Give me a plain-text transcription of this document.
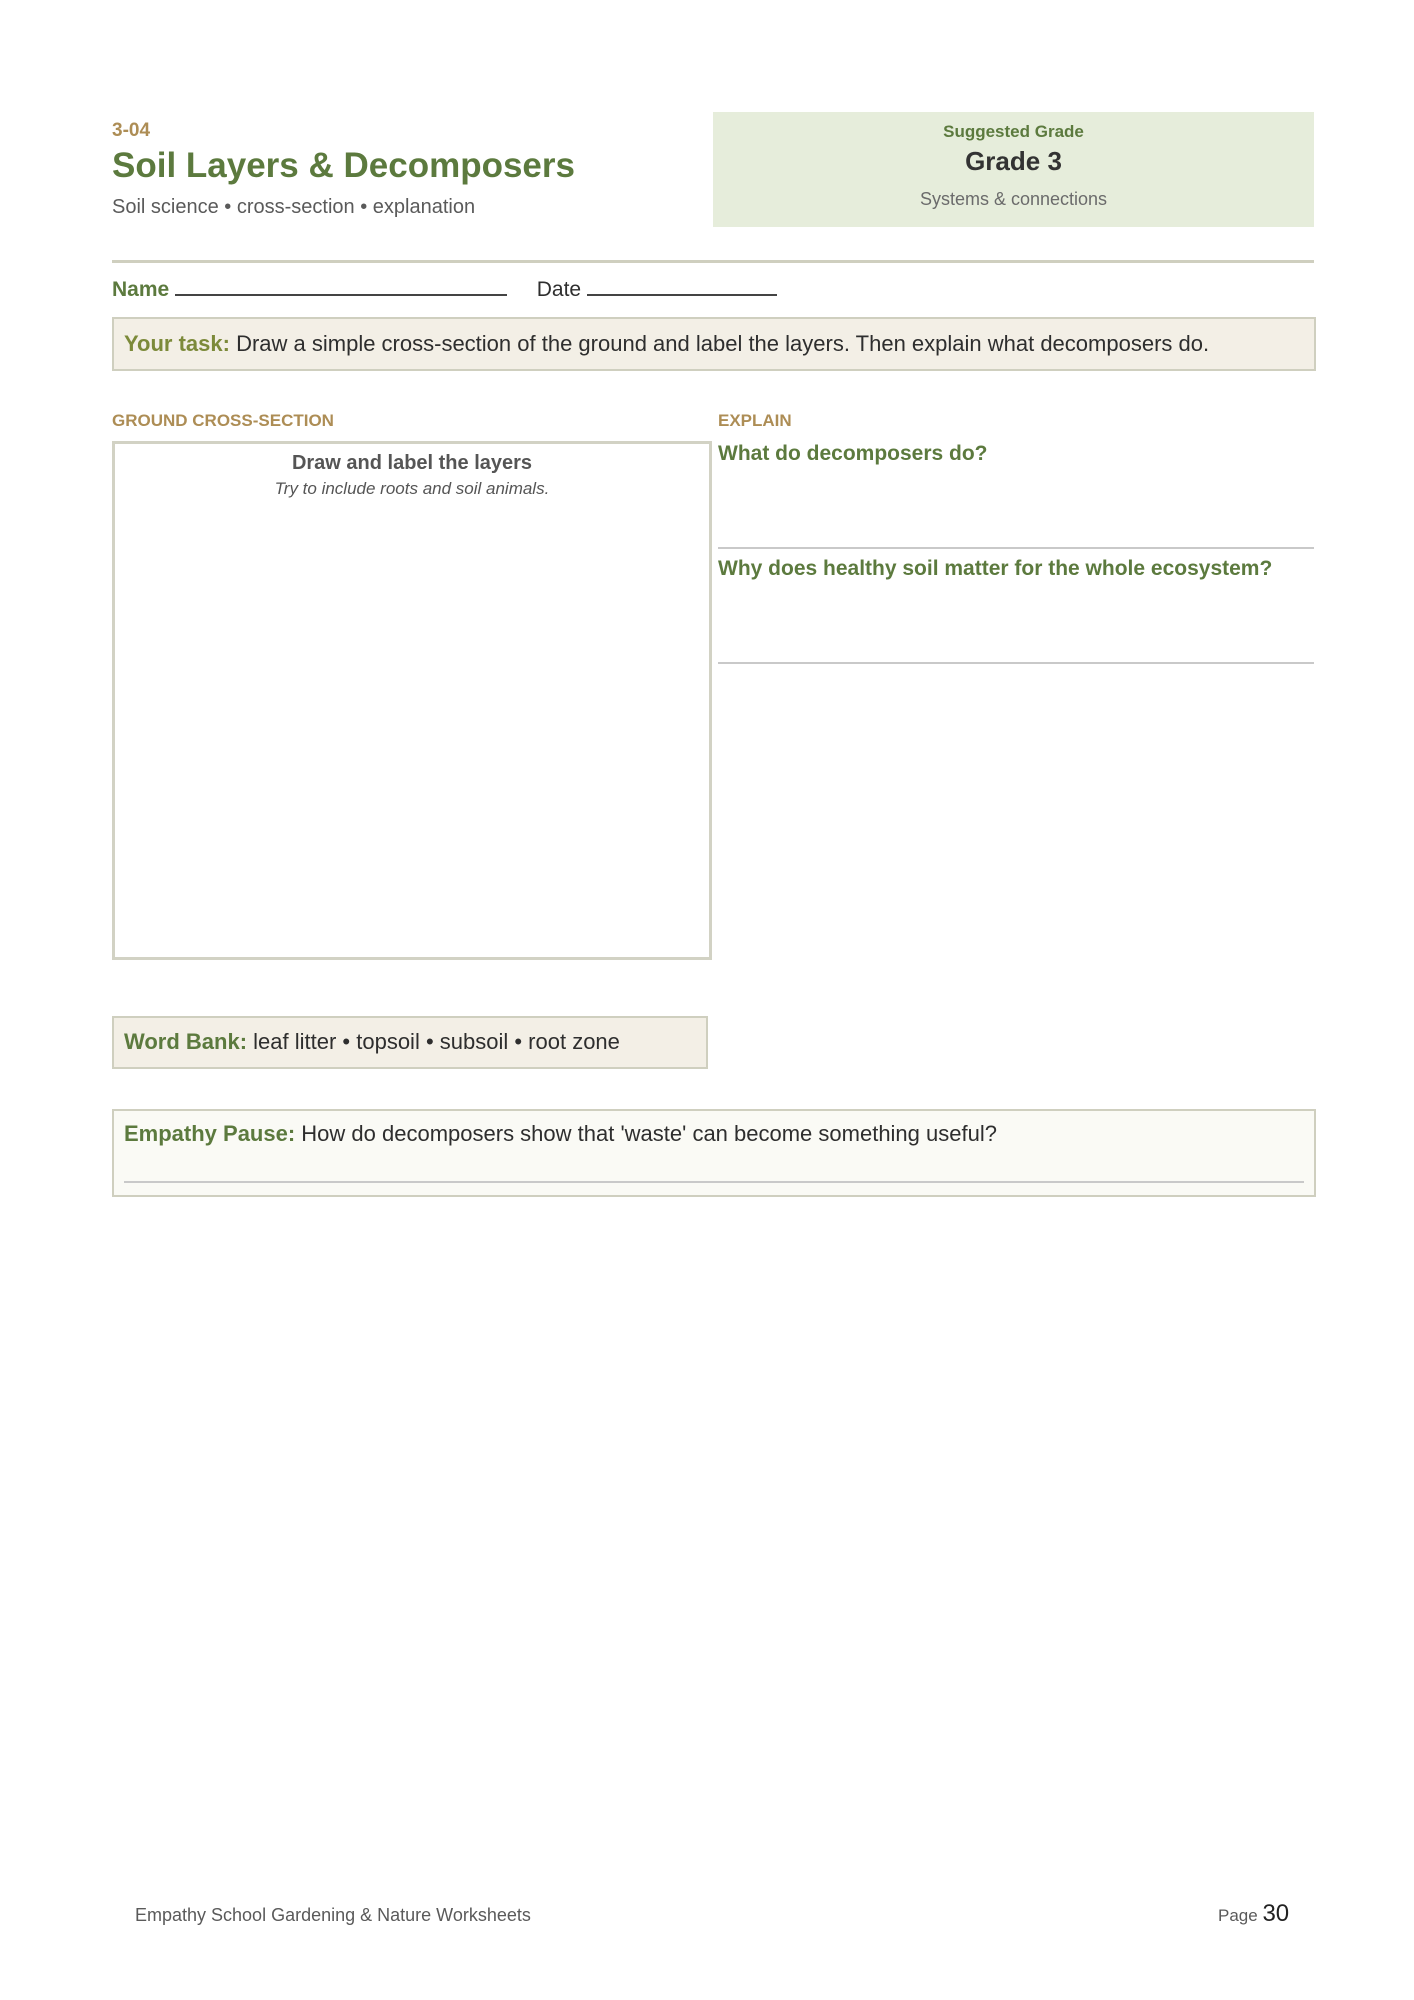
3-04
Soil Layers & Decomposers
Soil science • cross-section • explanation
Suggested Grade
Grade 3
Systems & connections
Name	Date
Your task: Draw a simple cross-section of the ground and label the layers. Then explain what decomposers do.
GROUND CROSS-SECTION
Draw and label the layers
Try to include roots and soil animals.
EXPLAIN
What do decomposers do?
Why does healthy soil matter for the whole ecosystem?
Word Bank: leaf litter • topsoil • subsoil • root zone
Empathy Pause: How do decomposers show that 'waste' can become something useful?
Empathy School Gardening & Nature Worksheets	Page 30
